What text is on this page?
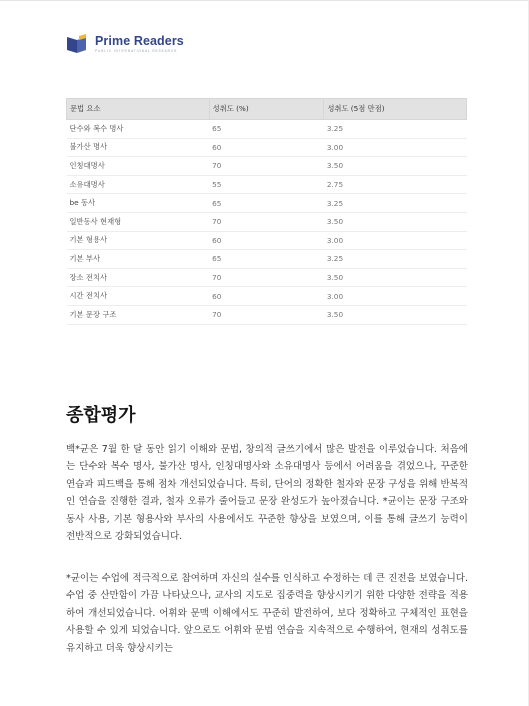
Prime Readers
PUBLIC INTERNATIONAL RESEARCH
문법 요소	성취도 (%)	성취도 (5점 만점)
단수와 복수 명사	65	3.25
불가산 명사	60	3.00
인칭대명사	70	3.50
소유대명사	55	2.75
be 동사	65	3.25
일반동사 현재형	70	3.50
기본 형용사	60	3.00
기본 부사	65	3.25
장소 전치사	70	3.50
시간 전치사	60	3.00
기본 문장 구조	70	3.50
종합평가

백*균은 7월 한 달 동안 읽기 이해와 문법, 창의적 글쓰기에서 많은 발전을 이루었습니다. 처음에는 단수와 복수 명사, 불가산 명사, 인칭대명사와 소유대명사 등에서 어려움을 겪었으나, 꾸준한 연습과 피드백을 통해 점차 개선되었습니다. 특히, 단어의 정확한 철자와 문장 구성을 위해 반복적인 연습을 진행한 결과, 철자 오류가 줄어들고 문장 완성도가 높아졌습니다. *균이는 문장 구조와 동사 사용, 기본 형용사와 부사의 사용에서도 꾸준한 향상을 보였으며, 이를 통해 글쓰기 능력이 전반적으로 강화되었습니다.

*균이는 수업에 적극적으로 참여하며 자신의 실수를 인식하고 수정하는 데 큰 진전을 보였습니다. 수업 중 산만함이 가끔 나타났으나, 교사의 지도로 집중력을 향상시키기 위한 다양한 전략을 적용하여 개선되었습니다. 어휘와 문맥 이해에서도 꾸준히 발전하여, 보다 정확하고 구체적인 표현을 사용할 수 있게 되었습니다. 앞으로도 어휘와 문법 연습을 지속적으로 수행하여, 현재의 성취도를 유지하고 더욱 향상시키는
